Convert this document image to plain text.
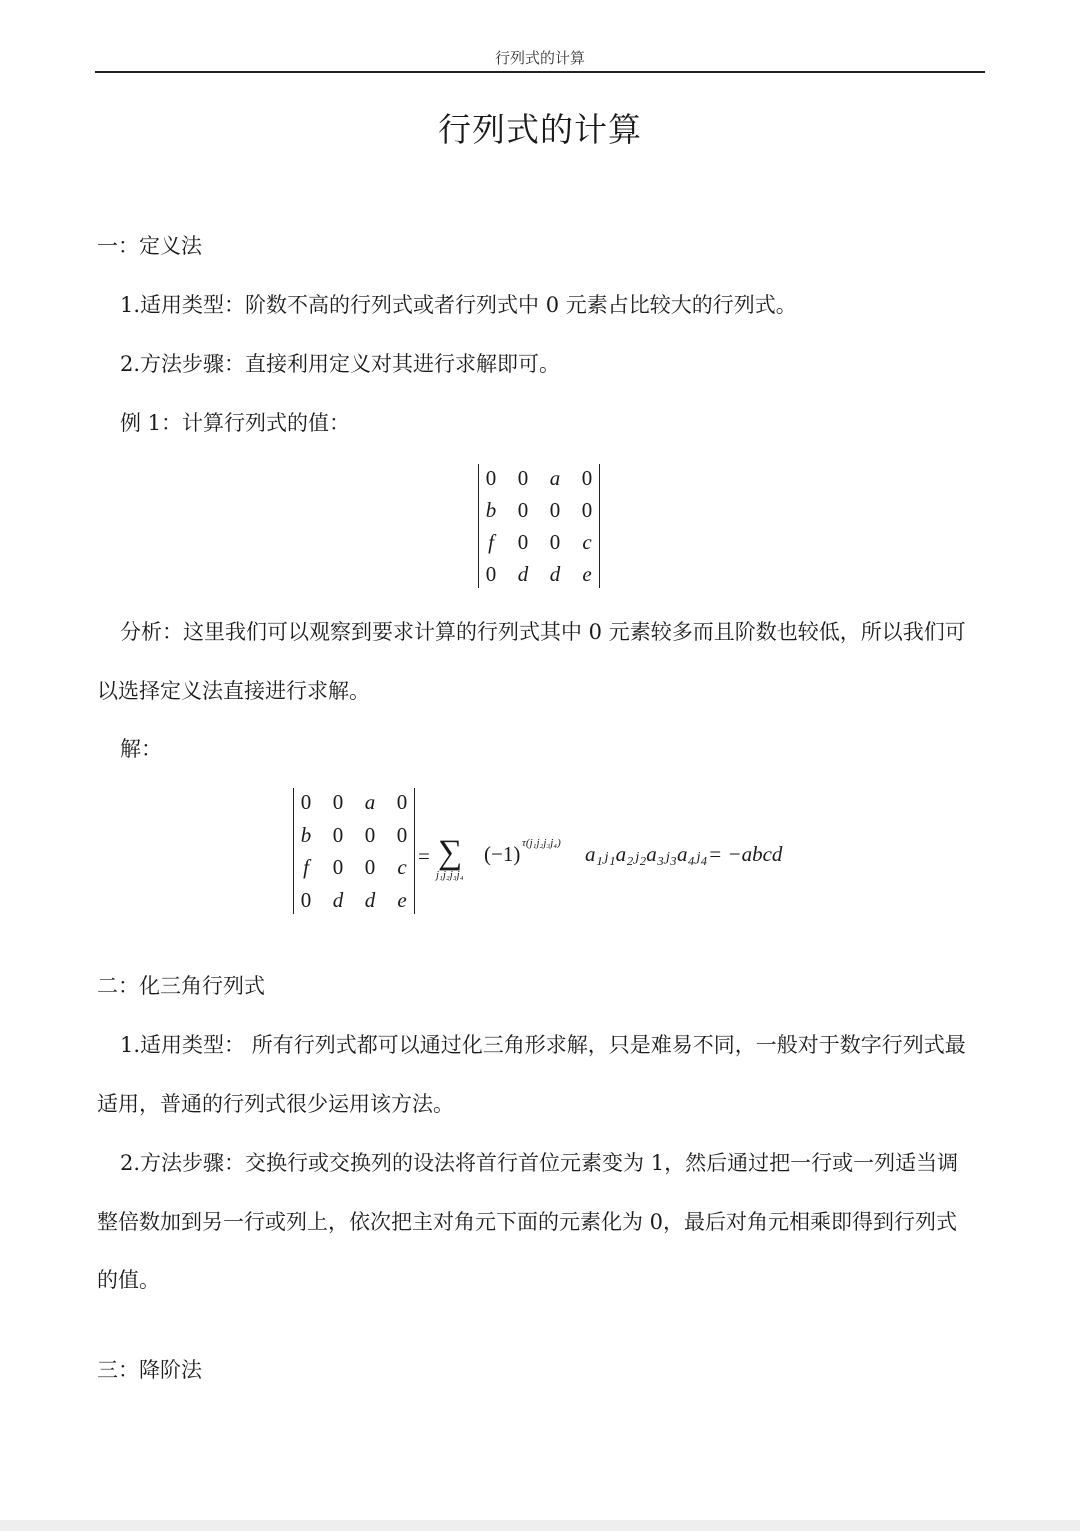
行列式的计算
行列式的计算
一：定义法
1.适用类型：阶数不高的行列式或者行列式中 0 元素占比较大的行列式。
2.方法步骤：直接利用定义对其进行求解即可。
例 1：计算行列式的值：
0	0	a	0
b	0	0	0
f	0	0	c
0	d	d	e
分析：这里我们可以观察到要求计算的行列式其中 0 元素较多而且阶数也较低，所以我们可
以选择定义法直接进行求解。
解：
0	0	a	0
b	0	0	0
f	0	0	c
0	d	d	e
= ∑
j₁j₂j₃j₄
(−1) τ(j₁j₂j₃j₄) a₁ⱼ₁a₂ⱼ₂a₃ⱼ₃a₄ⱼ₄ = −abcd
二：化三角行列式
1.适用类型： 所有行列式都可以通过化三角形求解，只是难易不同，一般对于数字行列式最
适用，普通的行列式很少运用该方法。
2.方法步骤：交换行或交换列的设法将首行首位元素变为 1，然后通过把一行或一列适当调
整倍数加到另一行或列上，依次把主对角元下面的元素化为 0，最后对角元相乘即得到行列式
的值。
三：降阶法
